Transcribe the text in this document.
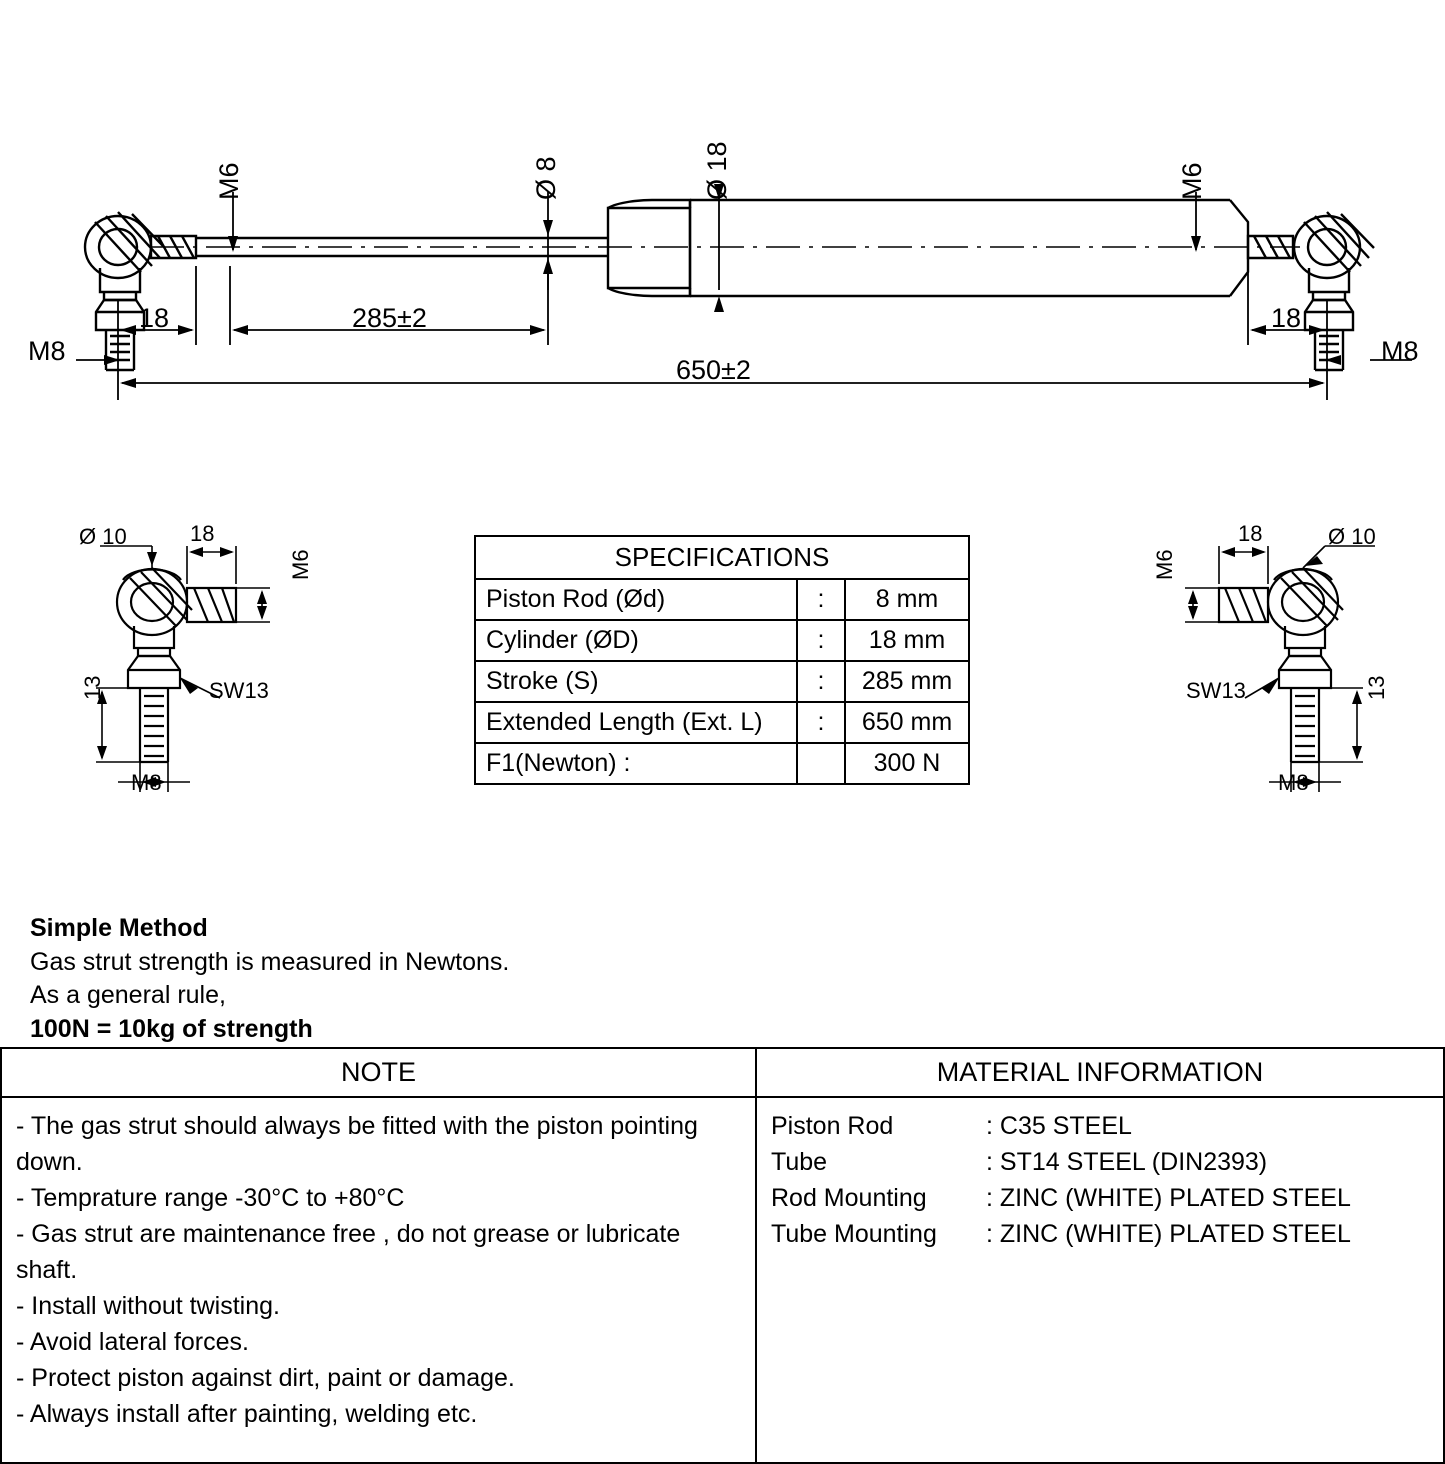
M6	Ø 8	Ø 18	M6
18
M8
285±2	18
M8
650±2
Ø 10	18
M6
SW13
13
M8
Ø 10
18
M6
SW13	13
M8
SPECIFICATIONS		
Piston Rod (Ød)	:	8 mm
Cylinder (ØD)	:	18 mm
Stroke (S)	:	285 mm
Extended Length (Ext. L)	:	650 mm
F1(Newton) :		300 N
Simple Method
Gas strut strength is measured in Newtons.
As a general rule,
100N = 10kg of strength
NOTE	MATERIAL INFORMATION

- The gas strut should always be fitted with the piston pointing down.
- Temprature range -30°C to +80°C
- Gas strut are maintenance free , do not grease or lubricate shaft.
- Install without twisting.
- Avoid lateral forces.
- Protect piston against dirt, paint or damage.
- Always install after painting, welding etc.

Piston Rod	: C35 STEEL
Tube	: ST14 STEEL (DIN2393)
Rod Mounting	: ZINC (WHITE) PLATED STEEL
Tube Mounting	: ZINC (WHITE) PLATED STEEL
